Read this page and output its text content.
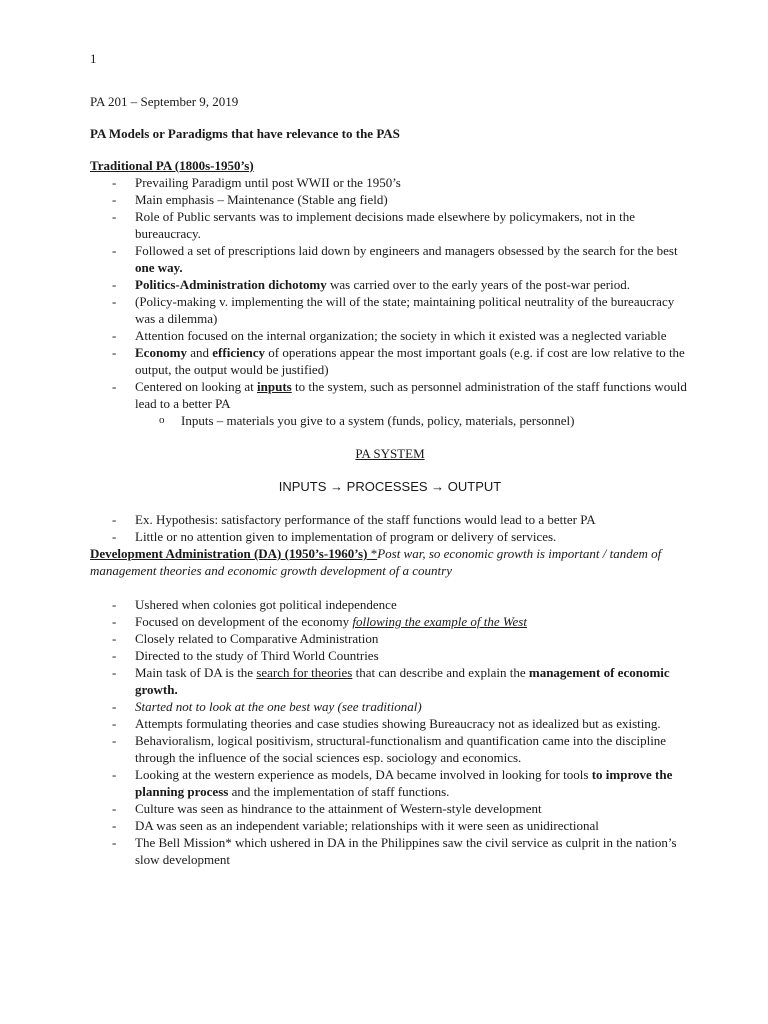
1

PA 201 – September 9, 2019

PA Models or Paradigms that have relevance to the PAS

Traditional PA (1800s-1950’s)

- Prevailing Paradigm until post WWII or the 1950’s
- Main emphasis – Maintenance (Stable ang field)
- Role of Public servants was to implement decisions made elsewhere by policymakers, not in the bureaucracy.
- Followed a set of prescriptions laid down by engineers and managers obsessed by the search for the best one way.
- Politics-Administration dichotomy was carried over to the early years of the post-war period.
- (Policy-making v. implementing the will of the state; maintaining political neutrality of the bureaucracy was a dilemma)
- Attention focused on the internal organization; the society in which it existed was a neglected variable
- Economy and efficiency of operations appear the most important goals (e.g. if cost are low relative to the output, the output would be justified)
- Centered on looking at inputs to the system, such as personnel administration of the staff functions would lead to a better PA
o Inputs – materials you give to a system (funds, policy, materials, personnel)

PA SYSTEM

INPUTS → PROCESSES → OUTPUT

- Ex. Hypothesis: satisfactory performance of the staff functions would lead to a better PA
- Little or no attention given to implementation of program or delivery of services.

Development Administration (DA) (1950’s-1960’s) *Post war, so economic growth is important / tandem of management theories and economic growth development of a country

- Ushered when colonies got political independence
- Focused on development of the economy following the example of the West
- Closely related to Comparative Administration
- Directed to the study of Third World Countries
- Main task of DA is the search for theories that can describe and explain the management of economic growth.
- Started not to look at the one best way (see traditional)
- Attempts formulating theories and case studies showing Bureaucracy not as idealized but as existing.
- Behavioralism, logical positivism, structural-functionalism and quantification came into the discipline through the influence of the social sciences esp. sociology and economics.
- Looking at the western experience as models, DA became involved in looking for tools to improve the planning process and the implementation of staff functions.
- Culture was seen as hindrance to the attainment of Western-style development
- DA was seen as an independent variable; relationships with it were seen as unidirectional
- The Bell Mission* which ushered in DA in the Philippines saw the civil service as culprit in the nation’s slow development
